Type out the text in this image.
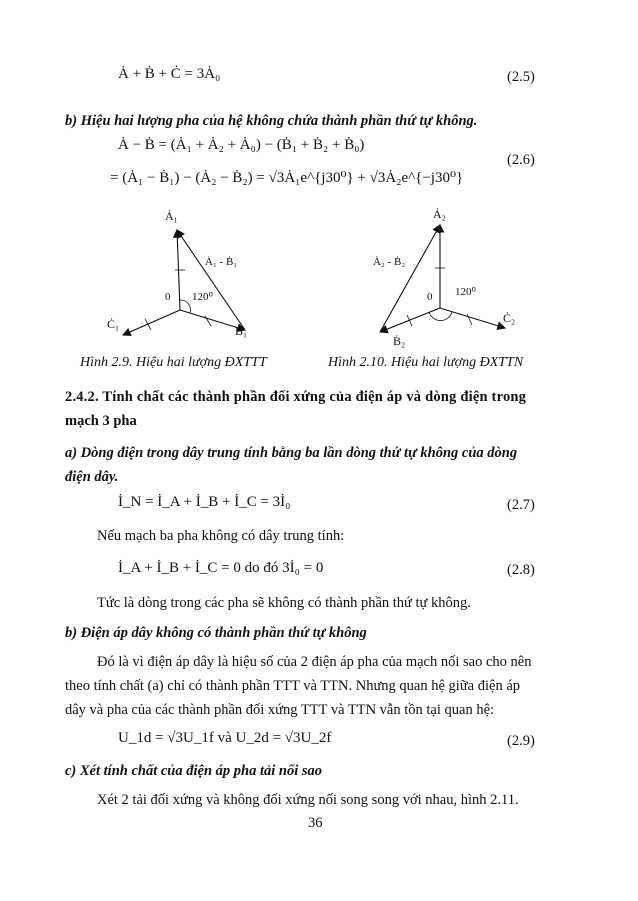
Ȧ + Ḃ + Ċ = 3Ȧ₀	(2.5)
b) Hiệu hai lượng pha của hệ không chứa thành phần thứ tự không.
Ȧ − Ḃ = (Ȧ₁ + Ȧ₂ + Ȧ₀) − (Ḃ₁ + Ḃ₂ + Ḃ₀)
= (Ȧ₁ − Ḃ₁) − (Ȧ₂ − Ḃ₂) = √3Ȧ₁e^{j30⁰} + √3Ȧ₂e^{−j30⁰}
(2.6)
Ȧ₁
Ȧ₁ - Ḃ₁
120⁰
0
Ċ₁	Ḃ₁
Ȧ₂
Ȧ₂ - Ḃ₂
120⁰
0
Ḃ₂
Ċ₂
Hình 2.9. Hiệu hai lượng ĐXTTT	Hình 2.10. Hiệu hai lượng ĐXTTN
2.4.2. Tính chất các thành phần đối xứng của điện áp và dòng điện trong
mạch 3 pha
a) Dòng điện trong dây trung tính bằng ba lần dòng thứ tự không của dòng
điện dây.
İ_N = İ_A + İ_B + İ_C = 3İ₀	(2.7)
Nếu mạch ba pha không có dây trung tính:
İ_A + İ_B + İ_C = 0 do đó 3İ₀ = 0	(2.8)
Tức là dòng trong các pha sẽ không có thành phần thứ tự không.
b) Điện áp dây không có thành phần thứ tự không
Đó là vì điện áp dây là hiệu số của 2 điện áp pha của mạch nối sao cho nên
theo tính chất (a) chỉ có thành phần TTT và TTN. Nhưng quan hệ giữa điện áp
dây và pha của các thành phần đối xứng TTT và TTN vẫn tồn tại quan hệ:
U_1d = √3U_1f và U_2d = √3U_2f	(2.9)
c) Xét tính chất của điện áp pha tải nối sao
Xét 2 tải đối xứng và không đối xứng nối song song với nhau, hình 2.11.
36
